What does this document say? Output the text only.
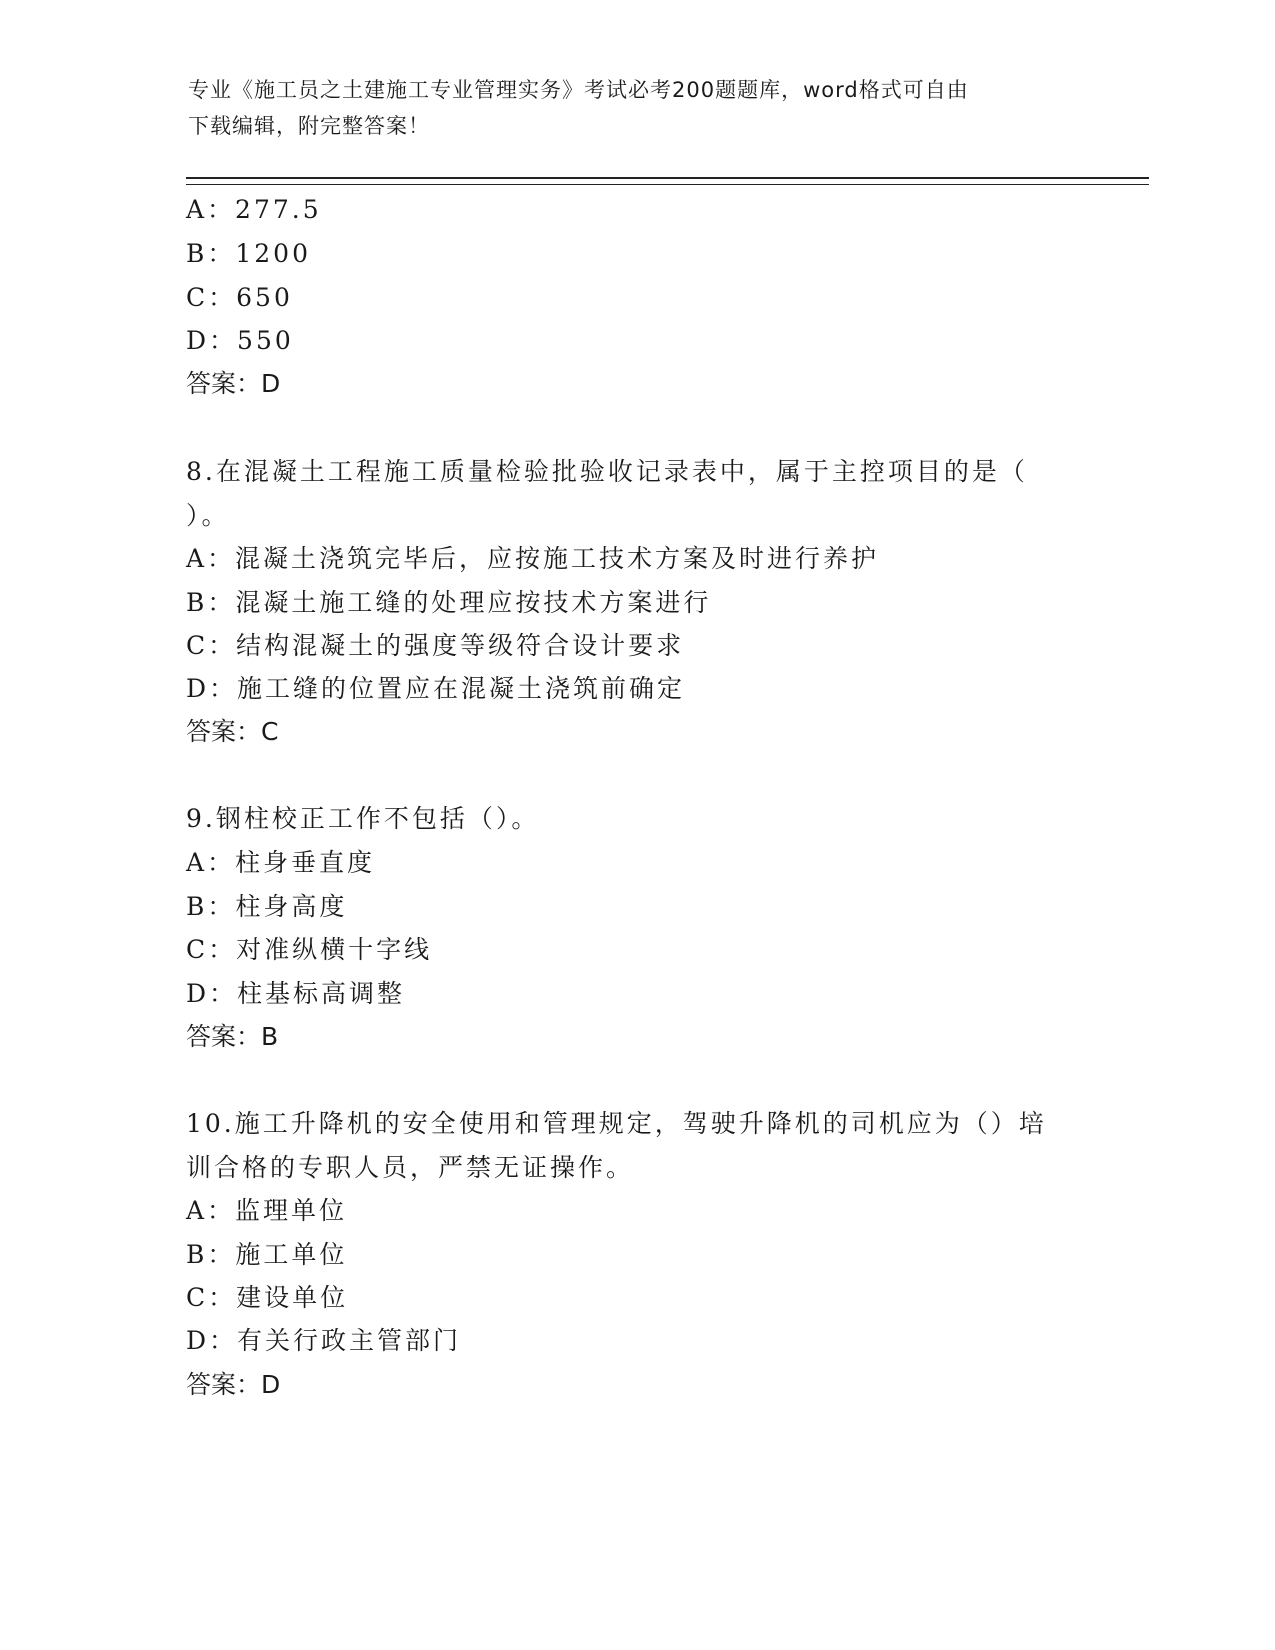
专业《施工员之土建施工专业管理实务》考试必考200题题库，word格式可自由
下载编辑，附完整答案！
A：277.5
B：1200
C：650
D：550
答案：D
8.在混凝土工程施工质量检验批验收记录表中，属于主控项目的是（
）。
A：混凝土浇筑完毕后，应按施工技术方案及时进行养护
B：混凝土施工缝的处理应按技术方案进行
C：结构混凝土的强度等级符合设计要求
D：施工缝的位置应在混凝土浇筑前确定
答案：C
9.钢柱校正工作不包括（）。
A：柱身垂直度
B：柱身高度
C：对准纵横十字线
D：柱基标高调整
答案：B
10.施工升降机的安全使用和管理规定，驾驶升降机的司机应为（）培
训合格的专职人员，严禁无证操作。
A：监理单位
B：施工单位
C：建设单位
D：有关行政主管部门
答案：D
